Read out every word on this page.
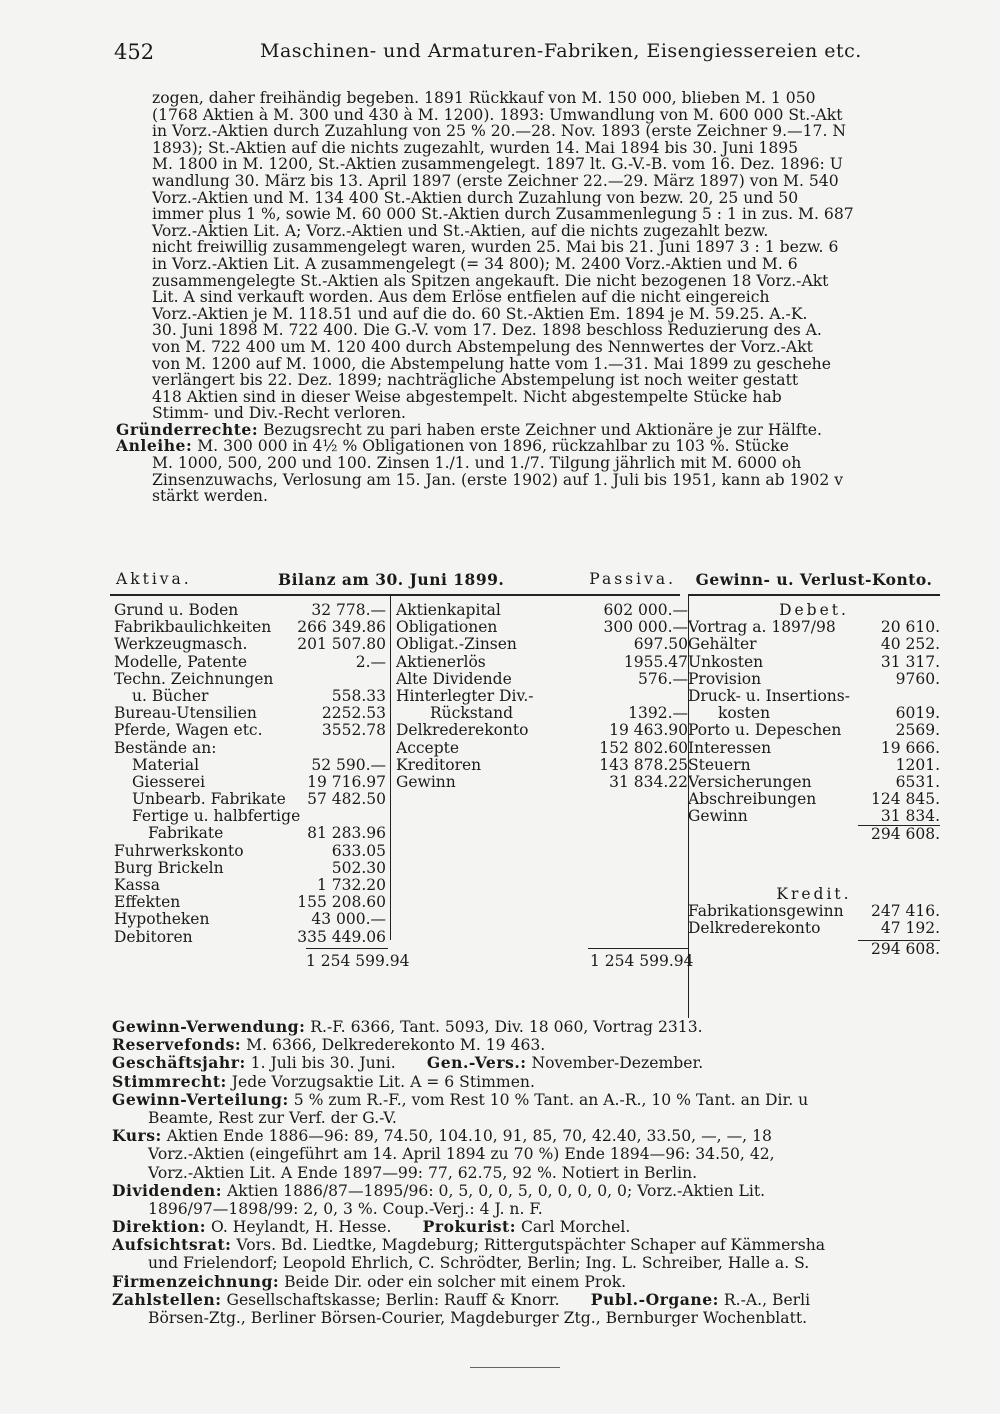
452	Maschinen- und Armaturen-Fabriken, Eisengiessereien etc.
zogen, daher freihändig begeben. 1891 Rückkauf von M. 150 000, blieben M. 1 050
(1768 Aktien à M. 300 und 430 à M. 1200). 1893: Umwandlung von M. 600 000 St.-Akt
in Vorz.-Aktien durch Zuzahlung von 25 % 20.—28. Nov. 1893 (erste Zeichner 9.—17. N
1893); St.-Aktien auf die nichts zugezahlt, wurden 14. Mai 1894 bis 30. Juni 1895
M. 1800 in M. 1200, St.-Aktien zusammengelegt. 1897 lt. G.-V.-B. vom 16. Dez. 1896: U
wandlung 30. März bis 13. April 1897 (erste Zeichner 22.—29. März 1897) von M. 540
Vorz.-Aktien und M. 134 400 St.-Aktien durch Zuzahlung von bezw. 20, 25 und 50
immer plus 1 %, sowie M. 60 000 St.-Aktien durch Zusammenlegung 5 : 1 in zus. M. 687
Vorz.-Aktien Lit. A; Vorz.-Aktien und St.-Aktien, auf die nichts zugezahlt bezw.
nicht freiwillig zusammengelegt waren, wurden 25. Mai bis 21. Juni 1897 3 : 1 bezw. 6
in Vorz.-Aktien Lit. A zusammengelegt (= 34 800); M. 2400 Vorz.-Aktien und M. 6
zusammengelegte St.-Aktien als Spitzen angekauft. Die nicht bezogenen 18 Vorz.-Akt
Lit. A sind verkauft worden. Aus dem Erlöse entfielen auf die nicht eingereich
Vorz.-Aktien je M. 118.51 und auf die do. 60 St.-Aktien Em. 1894 je M. 59.25. A.-K.
30. Juni 1898 M. 722 400. Die G.-V. vom 17. Dez. 1898 beschloss Reduzierung des A.
von M. 722 400 um M. 120 400 durch Abstempelung des Nennwertes der Vorz.-Akt
von M. 1200 auf M. 1000, die Abstempelung hatte vom 1.—31. Mai 1899 zu geschehe
verlängert bis 22. Dez. 1899; nachträgliche Abstempelung ist noch weiter gestatt
418 Aktien sind in dieser Weise abgestempelt. Nicht abgestempelte Stücke hab
Stimm- und Div.-Recht verloren.
Gründerrechte: Bezugsrecht zu pari haben erste Zeichner und Aktionäre je zur Hälfte.
Anleihe: M. 300 000 in 4½ % Obligationen von 1896, rückzahlbar zu 103 %. Stücke
M. 1000, 500, 200 und 100. Zinsen 1./1. und 1./7. Tilgung jährlich mit M. 6000 oh
Zinsenzuwachs, Verlosung am 15. Jan. (erste 1902) auf 1. Juli bis 1951, kann ab 1902 v
stärkt werden.
Aktiva.	Bilanz am 30. Juni 1899.	Passiva.	Gewinn- u. Verlust-Konto.
Grund u. Boden	32 778.—
Fabrikbaulichkeiten 266 349.86
Werkzeugmasch.	201 507.80
Modelle, Patente	2.—
Techn. Zeichnungen
u. Bücher	558.33
Bureau-Utensilien	2252.53
Pferde, Wagen etc.	3552.78
Bestände an:
Material	52 590.—
Giesserei	19 716.97
Unbearb. Fabrikate 57 482.50
Fertige u. halbfertige
Fabrikate	81 283.96
Fuhrwerkskonto	633.05
Burg Brickeln	502.30
Kassa	1 732.20
Effekten	155 208.60
Hypotheken	43 000.—
Debitoren	335 449.06
Aktienkapital	602 000.—
Obligationen	300 000.—
Obligat.-Zinsen	697.50
Aktienerlös	1955.47
Alte Dividende	576.—
Hinterlegter Div.-
Rückstand	1392.—
Delkrederekonto	19 463.90
Accepte	152 802.60
Kreditoren	143 878.25
Gewinn	31 834.22
1 254 599.94	1 254 599.94
Debet.
Vortrag a. 1897/98	20 610.
Gehälter	40 252.
Unkosten	31 317.
Provision	9760.
Druck- u. Insertions-
kosten	6019.
Porto u. Depeschen	2569.
Interessen	19 666.
Steuern	1201.
Versicherungen	6531.
Abschreibungen	124 845.
Gewinn	31 834.
294 608.
Kredit.
Fabrikationsgewinn 247 416.
Delkrederekonto	47 192.
294 608.
Gewinn-Verwendung: R.-F. 6366, Tant. 5093, Div. 18 060, Vortrag 2313.
Reservefonds: M. 6366, Delkrederekonto M. 19 463.
Geschäftsjahr: 1. Juli bis 30. Juni.   Gen.-Vers.: November-Dezember.
Stimmrecht: Jede Vorzugsaktie Lit. A = 6 Stimmen.
Gewinn-Verteilung: 5 % zum R.-F., vom Rest 10 % Tant. an A.-R., 10 % Tant. an Dir. u
Beamte, Rest zur Verf. der G.-V.
Kurs: Aktien Ende 1886—96: 89, 74.50, 104.10, 91, 85, 70, 42.40, 33.50, —, —, 18
Vorz.-Aktien (eingeführt am 14. April 1894 zu 70 %) Ende 1894—96: 34.50, 42,
Vorz.-Aktien Lit. A Ende 1897—99: 77, 62.75, 92 %. Notiert in Berlin.
Dividenden: Aktien 1886/87—1895/96: 0, 5, 0, 0, 5, 0, 0, 0, 0, 0; Vorz.-Aktien Lit.
1896/97—1898/99: 2, 0, 3 %. Coup.-Verj.: 4 J. n. F.
Direktion: O. Heylandt, H. Hesse.   Prokurist: Carl Morchel.
Aufsichtsrat: Vors. Bd. Liedtke, Magdeburg; Rittergutspächter Schaper auf Kämmersha
und Frielendorf; Leopold Ehrlich, C. Schrödter, Berlin; Ing. L. Schreiber, Halle a. S.
Firmenzeichnung: Beide Dir. oder ein solcher mit einem Prok.
Zahlstellen: Gesellschaftskasse; Berlin: Rauff & Knorr.   Publ.-Organe: R.-A., Berli
Börsen-Ztg., Berliner Börsen-Courier, Magdeburger Ztg., Bernburger Wochenblatt.
